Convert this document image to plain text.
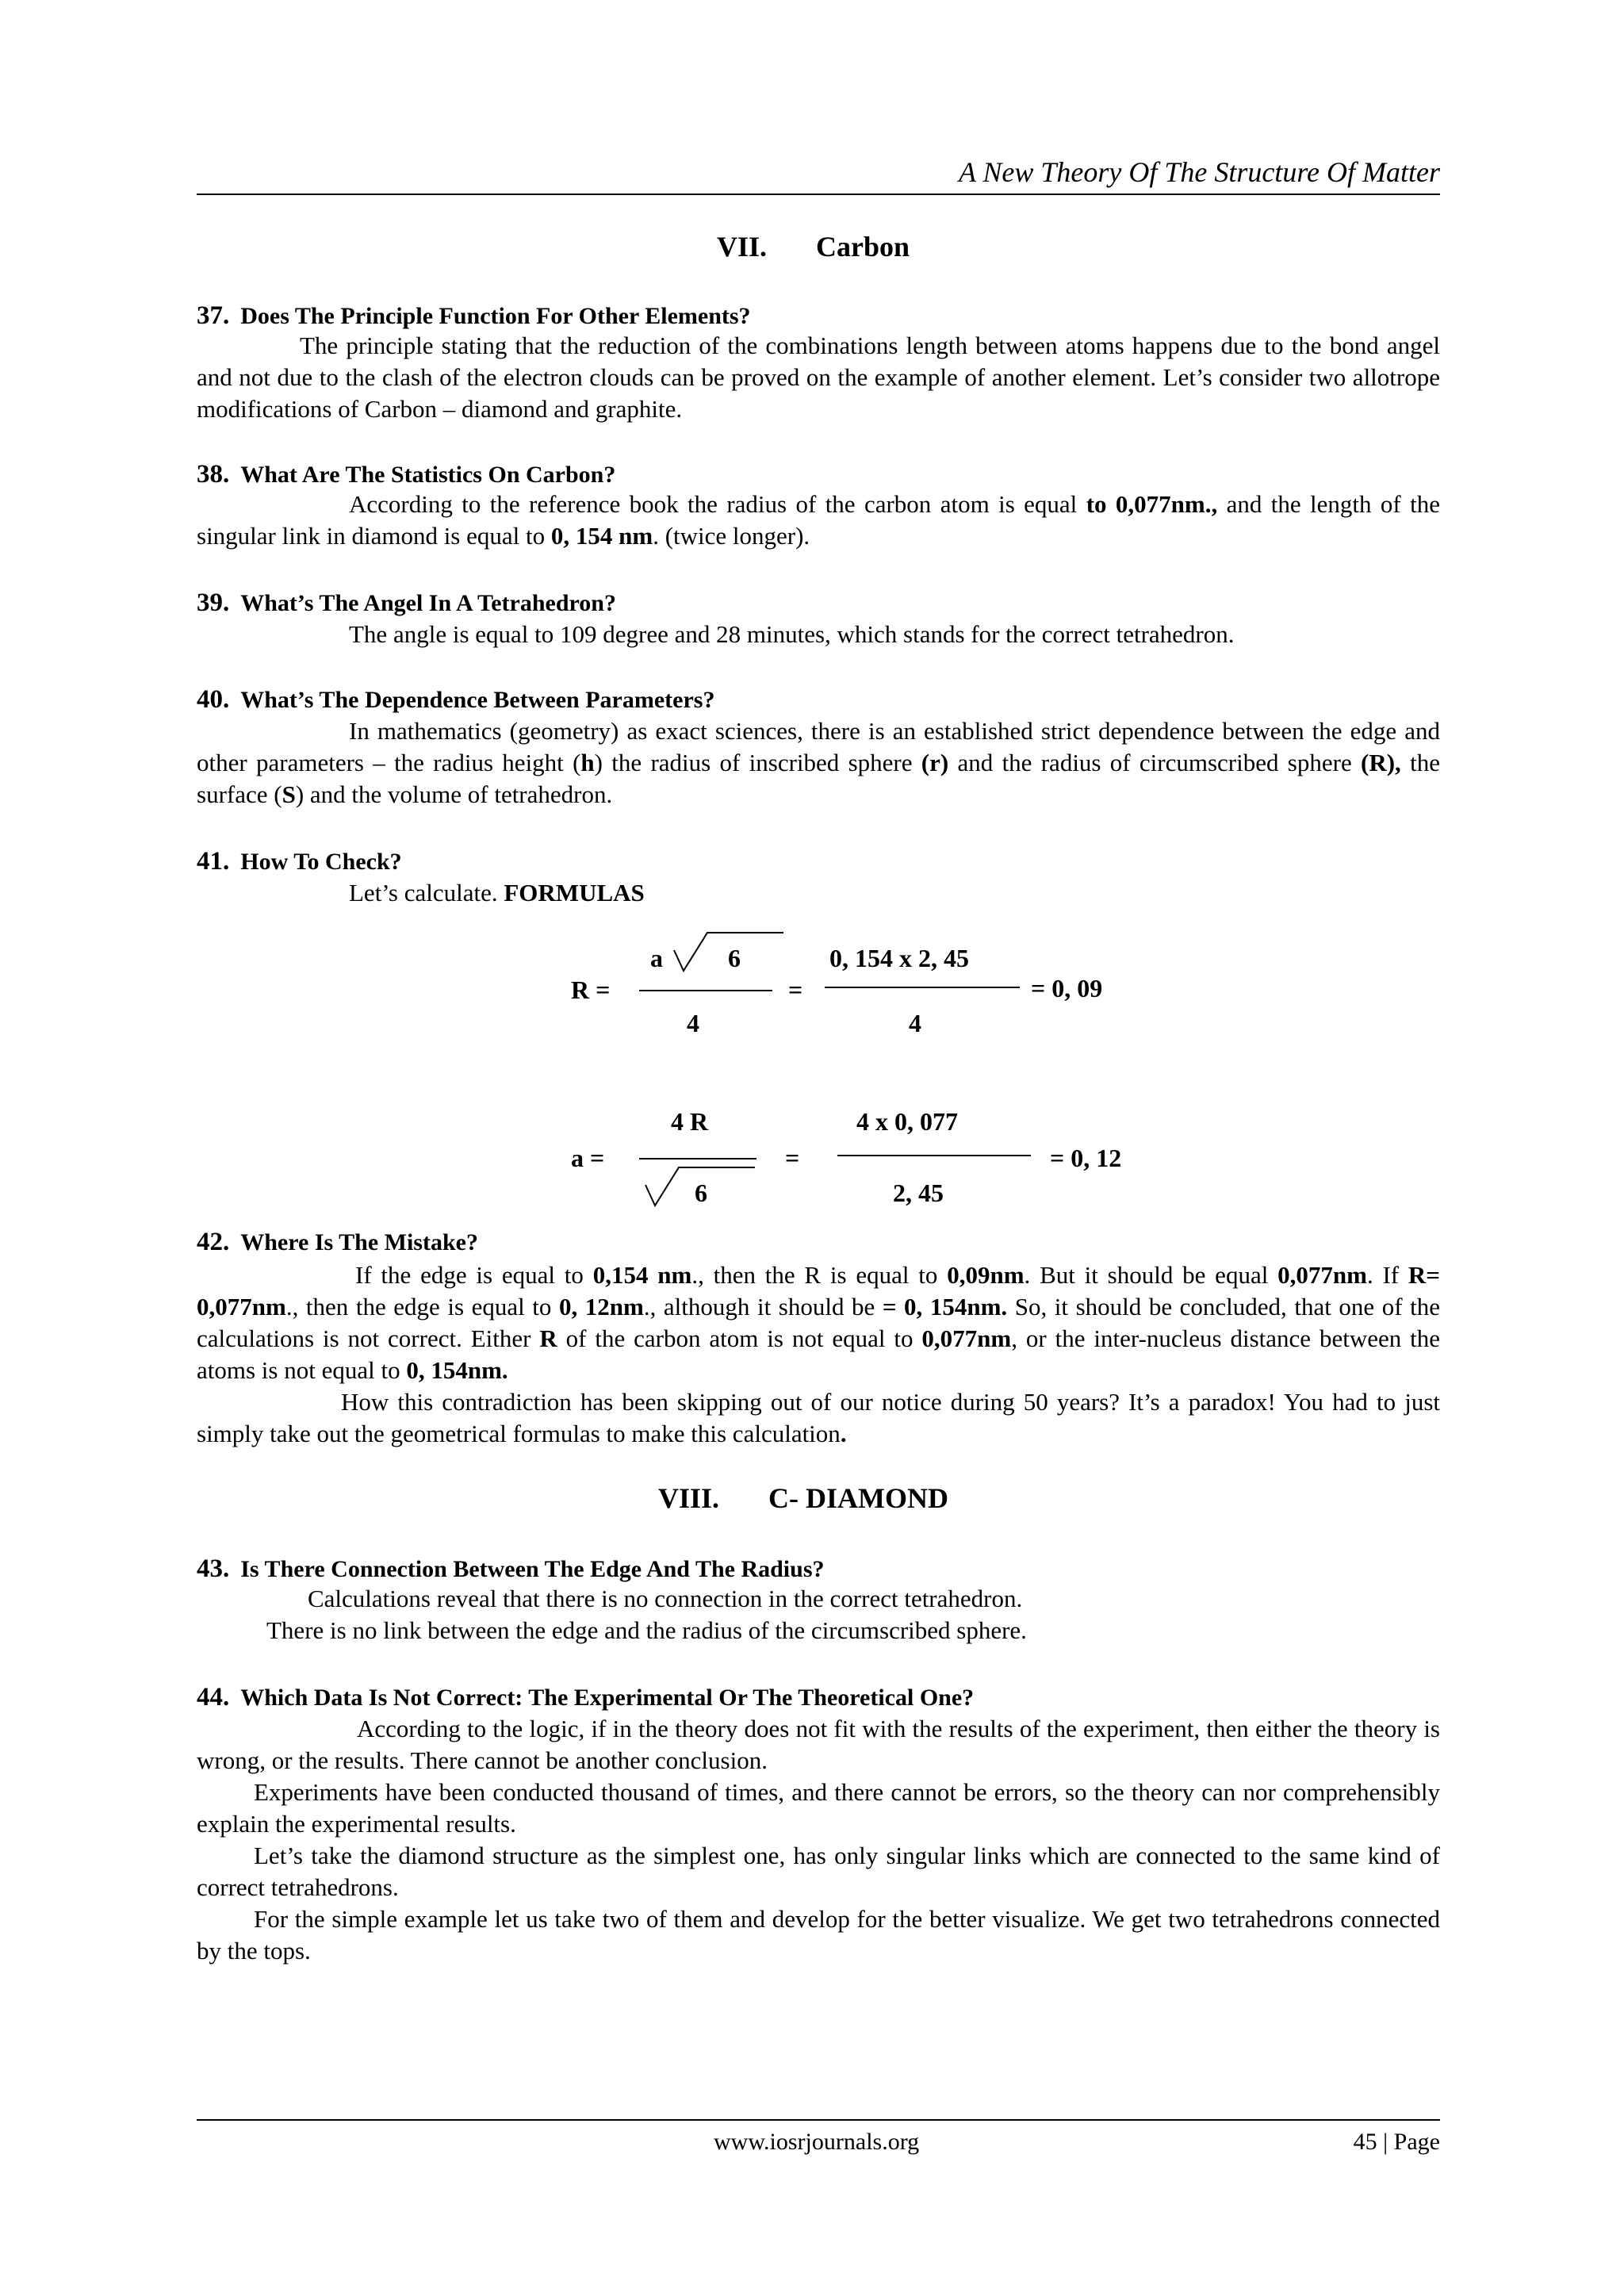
A New Theory Of The Structure Of Matter
VII. Carbon
37. Does The Principle Function For Other Elements?
The principle stating that the reduction of the combinations length between atoms happens due to the bond angel and not due to the clash of the electron clouds can be proved on the example of another element. Let’s consider two allotrope modifications of Carbon – diamond and graphite.
38. What Are The Statistics On Carbon?
According to the reference book the radius of the carbon atom is equal to 0,077nm., and the length of the singular link in diamond is equal to 0, 154 nm. (twice longer).
39. What’s The Angel In A Tetrahedron?
The angle is equal to 109 degree and 28 minutes, which stands for the correct tetrahedron.
40. What’s The Dependence Between Parameters?
In mathematics (geometry) as exact sciences, there is an established strict dependence between the edge and other parameters – the radius height (h) the radius of inscribed sphere (r) and the radius of circumscribed sphere (R), the surface (S) and the volume of tetrahedron.
41. How To Check?
Let’s calculate. FORMULAS
R =
a	6
4
=
0, 154 x 2, 45
4
= 0, 09
a =
4 R
6
=
4 x 0, 077
2, 45
= 0, 12
42. Where Is The Mistake?
If the edge is equal to 0,154 nm., then the R is equal to 0,09nm. But it should be equal 0,077nm. If R= 0,077nm., then the edge is equal to 0, 12nm., although it should be = 0, 154nm. So, it should be concluded, that one of the calculations is not correct. Either R of the carbon atom is not equal to 0,077nm, or the inter-nucleus distance between the atoms is not equal to 0, 154nm.
How this contradiction has been skipping out of our notice during 50 years? It’s a paradox! You had to just simply take out the geometrical formulas to make this calculation.
VIII. C- DIAMOND
43. Is There Connection Between The Edge And The Radius?
Calculations reveal that there is no connection in the correct tetrahedron.
There is no link between the edge and the radius of the circumscribed sphere.
44. Which Data Is Not Correct: The Experimental Or The Theoretical One?
According to the logic, if in the theory does not fit with the results of the experiment, then either the theory is wrong, or the results. There cannot be another conclusion.
Experiments have been conducted thousand of times, and there cannot be errors, so the theory can nor comprehensibly explain the experimental results.
Let’s take the diamond structure as the simplest one, has only singular links which are connected to the same kind of correct tetrahedrons.
For the simple example let us take two of them and develop for the better visualize. We get two tetrahedrons connected by the tops.
www.iosrjournals.org	45 | Page
